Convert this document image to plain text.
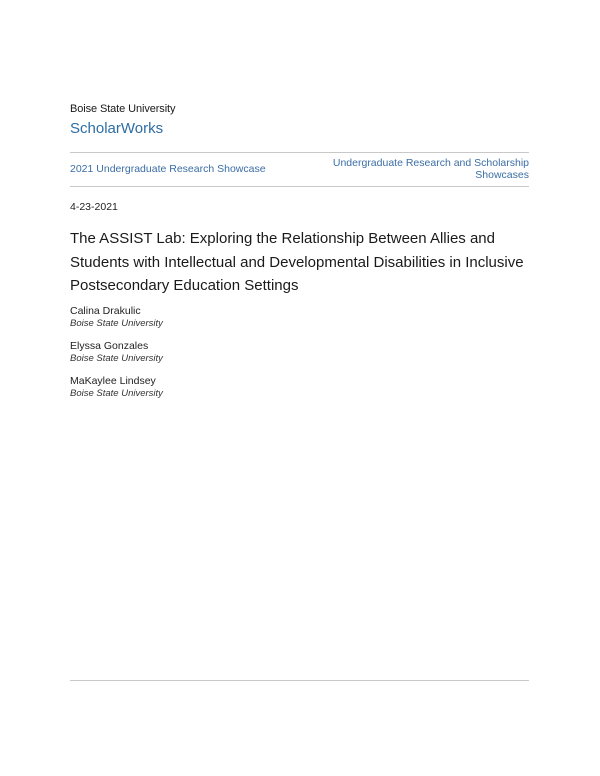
Boise State University
ScholarWorks
2021 Undergraduate Research Showcase	Undergraduate Research and Scholarship Showcases
4-23-2021
The ASSIST Lab: Exploring the Relationship Between Allies and Students with Intellectual and Developmental Disabilities in Inclusive Postsecondary Education Settings
Calina Drakulic
Boise State University
Elyssa Gonzales
Boise State University
MaKaylee Lindsey
Boise State University
